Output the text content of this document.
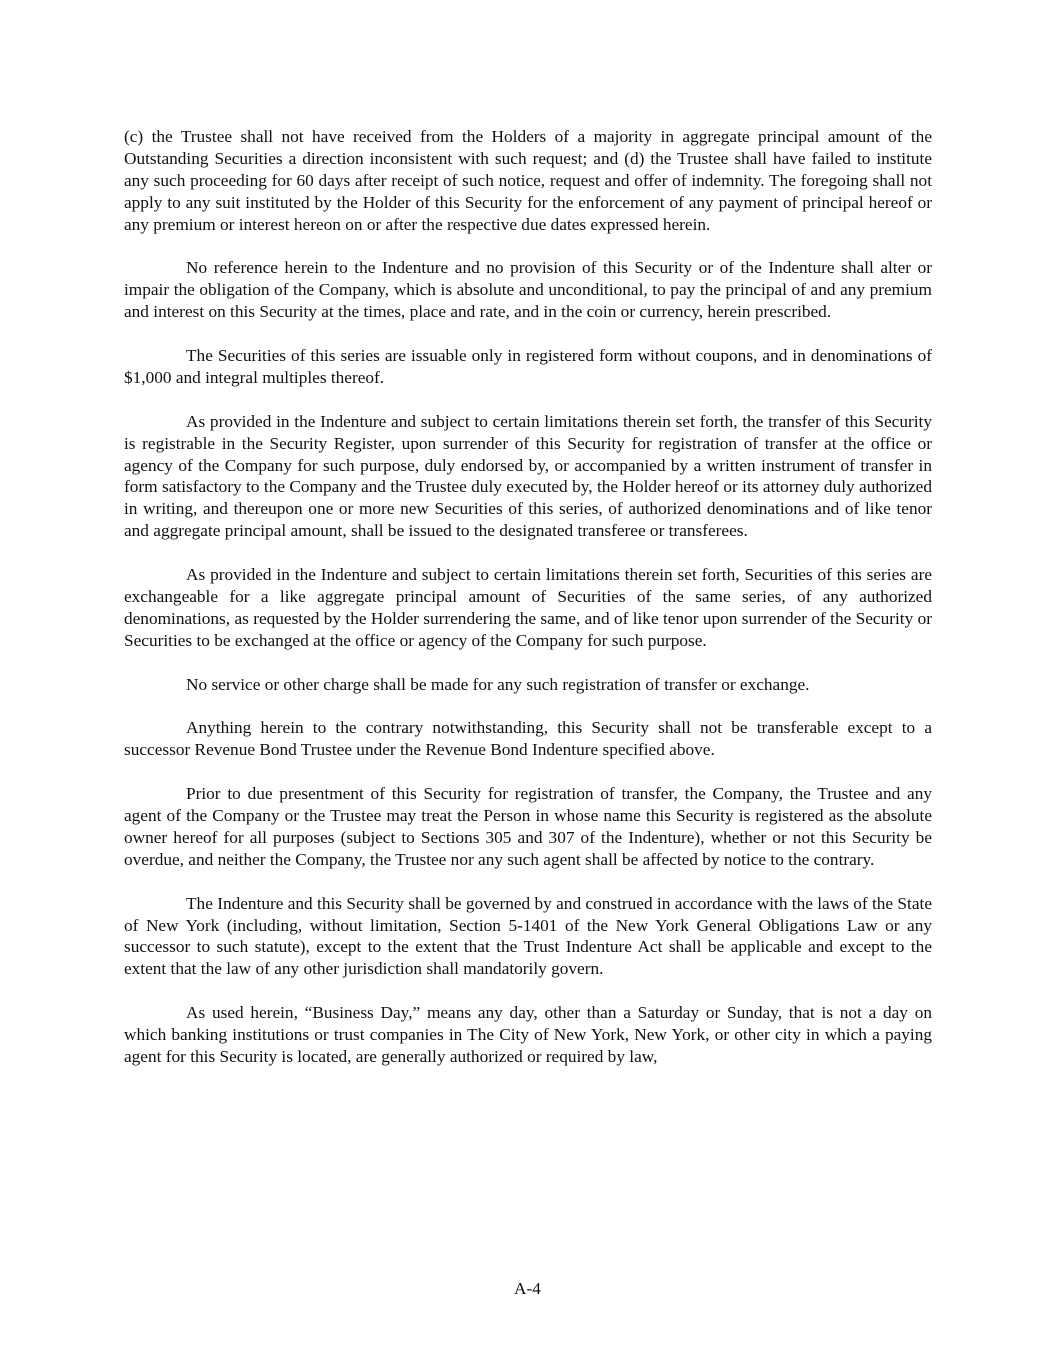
(c) the Trustee shall not have received from the Holders of a majority in aggregate principal amount of the Outstanding Securities a direction inconsistent with such request; and (d) the Trustee shall have failed to institute any such proceeding for 60 days after receipt of such notice, request and offer of indemnity. The foregoing shall not apply to any suit instituted by the Holder of this Security for the enforcement of any payment of principal hereof or any premium or interest hereon on or after the respective due dates expressed herein.

No reference herein to the Indenture and no provision of this Security or of the Indenture shall alter or impair the obligation of the Company, which is absolute and unconditional, to pay the principal of and any premium and interest on this Security at the times, place and rate, and in the coin or currency, herein prescribed.

The Securities of this series are issuable only in registered form without coupons, and in denominations of $1,000 and integral multiples thereof.

As provided in the Indenture and subject to certain limitations therein set forth, the transfer of this Security is registrable in the Security Register, upon surrender of this Security for registration of transfer at the office or agency of the Company for such purpose, duly endorsed by, or accompanied by a written instrument of transfer in form satisfactory to the Company and the Trustee duly executed by, the Holder hereof or its attorney duly authorized in writing, and thereupon one or more new Securities of this series, of authorized denominations and of like tenor and aggregate principal amount, shall be issued to the designated transferee or transferees.

As provided in the Indenture and subject to certain limitations therein set forth, Securities of this series are exchangeable for a like aggregate principal amount of Securities of the same series, of any authorized denominations, as requested by the Holder surrendering the same, and of like tenor upon surrender of the Security or Securities to be exchanged at the office or agency of the Company for such purpose.

No service or other charge shall be made for any such registration of transfer or exchange.

Anything herein to the contrary notwithstanding, this Security shall not be transferable except to a successor Revenue Bond Trustee under the Revenue Bond Indenture specified above.

Prior to due presentment of this Security for registration of transfer, the Company, the Trustee and any agent of the Company or the Trustee may treat the Person in whose name this Security is registered as the absolute owner hereof for all purposes (subject to Sections 305 and 307 of the Indenture), whether or not this Security be overdue, and neither the Company, the Trustee nor any such agent shall be affected by notice to the contrary.

The Indenture and this Security shall be governed by and construed in accordance with the laws of the State of New York (including, without limitation, Section 5-1401 of the New York General Obligations Law or any successor to such statute), except to the extent that the Trust Indenture Act shall be applicable and except to the extent that the law of any other jurisdiction shall mandatorily govern.

As used herein, “Business Day,” means any day, other than a Saturday or Sunday, that is not a day on which banking institutions or trust companies in The City of New York, New York, or other city in which a paying agent for this Security is located, are generally authorized or required by law,

A-4
